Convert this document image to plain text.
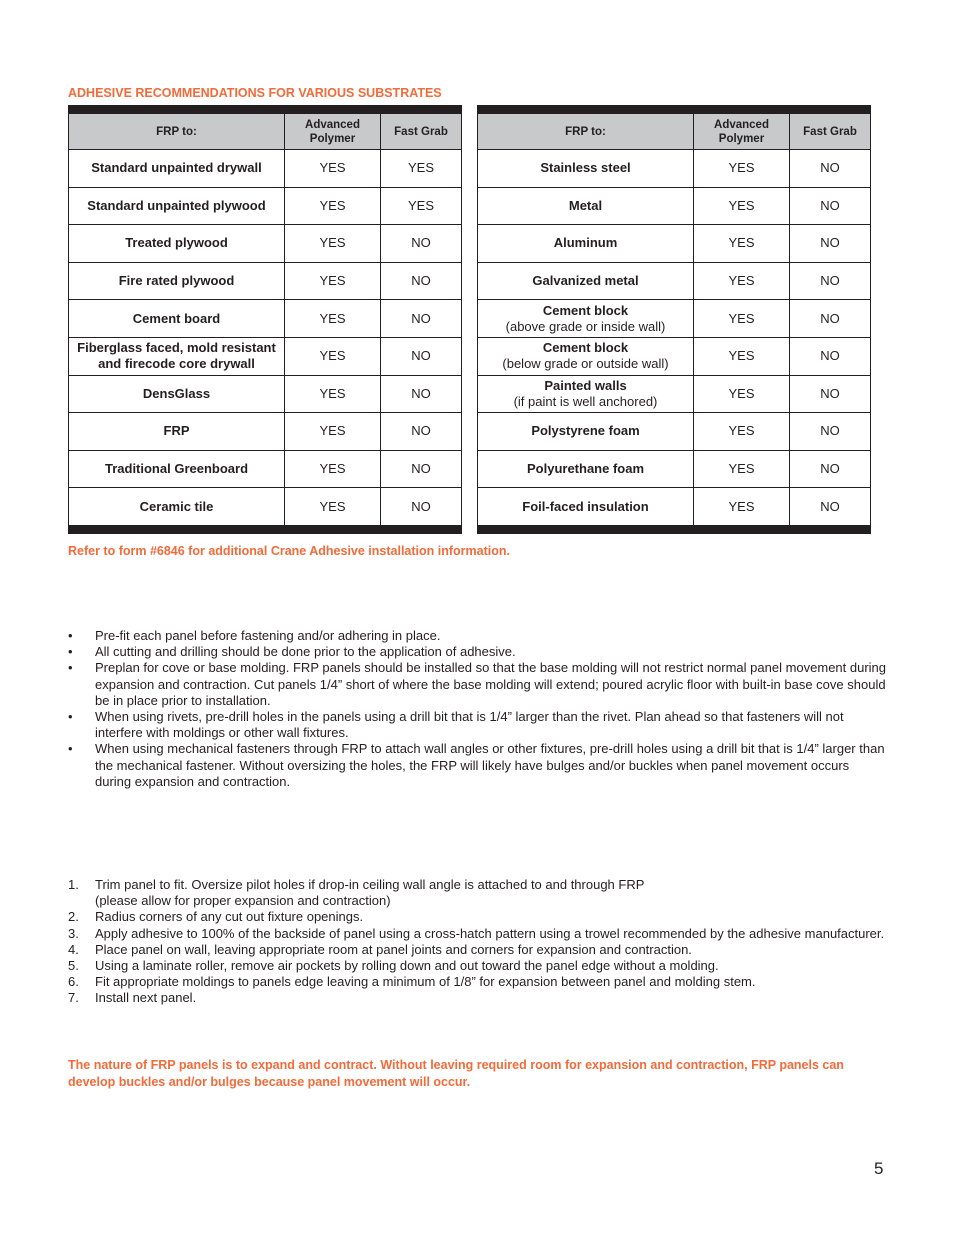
ADHESIVE RECOMMENDATIONS FOR VARIOUS SUBSTRATES
FRP to:	Advanced Polymer	Fast Grab
Standard unpainted drywall	YES	YES
Standard unpainted plywood	YES	YES
Treated plywood	YES	NO
Fire rated plywood	YES	NO
Cement board	YES	NO
Fiberglass faced, mold resistant and firecode core drywall	YES	NO
DensGlass	YES	NO
FRP	YES	NO
Traditional Greenboard	YES	NO
Ceramic tile	YES	NO
FRP to:	Advanced Polymer	Fast Grab
Stainless steel	YES	NO
Metal	YES	NO
Aluminum	YES	NO
Galvanized metal	YES	NO
Cement block
(above grade or inside wall)	YES	NO
Cement block
(below grade or outside wall)	YES	NO
Painted walls
(if paint is well anchored)	YES	NO
Polystyrene foam	YES	NO
Polyurethane foam	YES	NO
Foil-faced insulation	YES	NO
Refer to form #6846 for additional Crane Adhesive installation information.
• Pre-fit each panel before fastening and/or adhering in place.
• All cutting and drilling should be done prior to the application of adhesive.
• Preplan for cove or base molding. FRP panels should be installed so that the base molding will not restrict normal panel movement during expansion and contraction. Cut panels 1/4” short of where the base molding will extend; poured acrylic floor with built-in base cove should be in place prior to installation.
• When using rivets, pre-drill holes in the panels using a drill bit that is 1/4” larger than the rivet. Plan ahead so that fasteners will not interfere with moldings or other wall fixtures.
• When using mechanical fasteners through FRP to attach wall angles or other fixtures, pre-drill holes using a drill bit that is 1/4” larger than the mechanical fastener. Without oversizing the holes, the FRP will likely have bulges and/or buckles when panel movement occurs during expansion and contraction.
1. Trim panel to fit. Oversize pilot holes if drop-in ceiling wall angle is attached to and through FRP
(please allow for proper expansion and contraction)
2. Radius corners of any cut out fixture openings.
3. Apply adhesive to 100% of the backside of panel using a cross-hatch pattern using a trowel recommended by the adhesive manufacturer.
4. Place panel on wall, leaving appropriate room at panel joints and corners for expansion and contraction.
5. Using a laminate roller, remove air pockets by rolling down and out toward the panel edge without a molding.
6. Fit appropriate moldings to panels edge leaving a minimum of 1/8” for expansion between panel and molding stem.
7. Install next panel.
The nature of FRP panels is to expand and contract. Without leaving required room for expansion and contraction, FRP panels can develop buckles and/or bulges because panel movement will occur.
5
